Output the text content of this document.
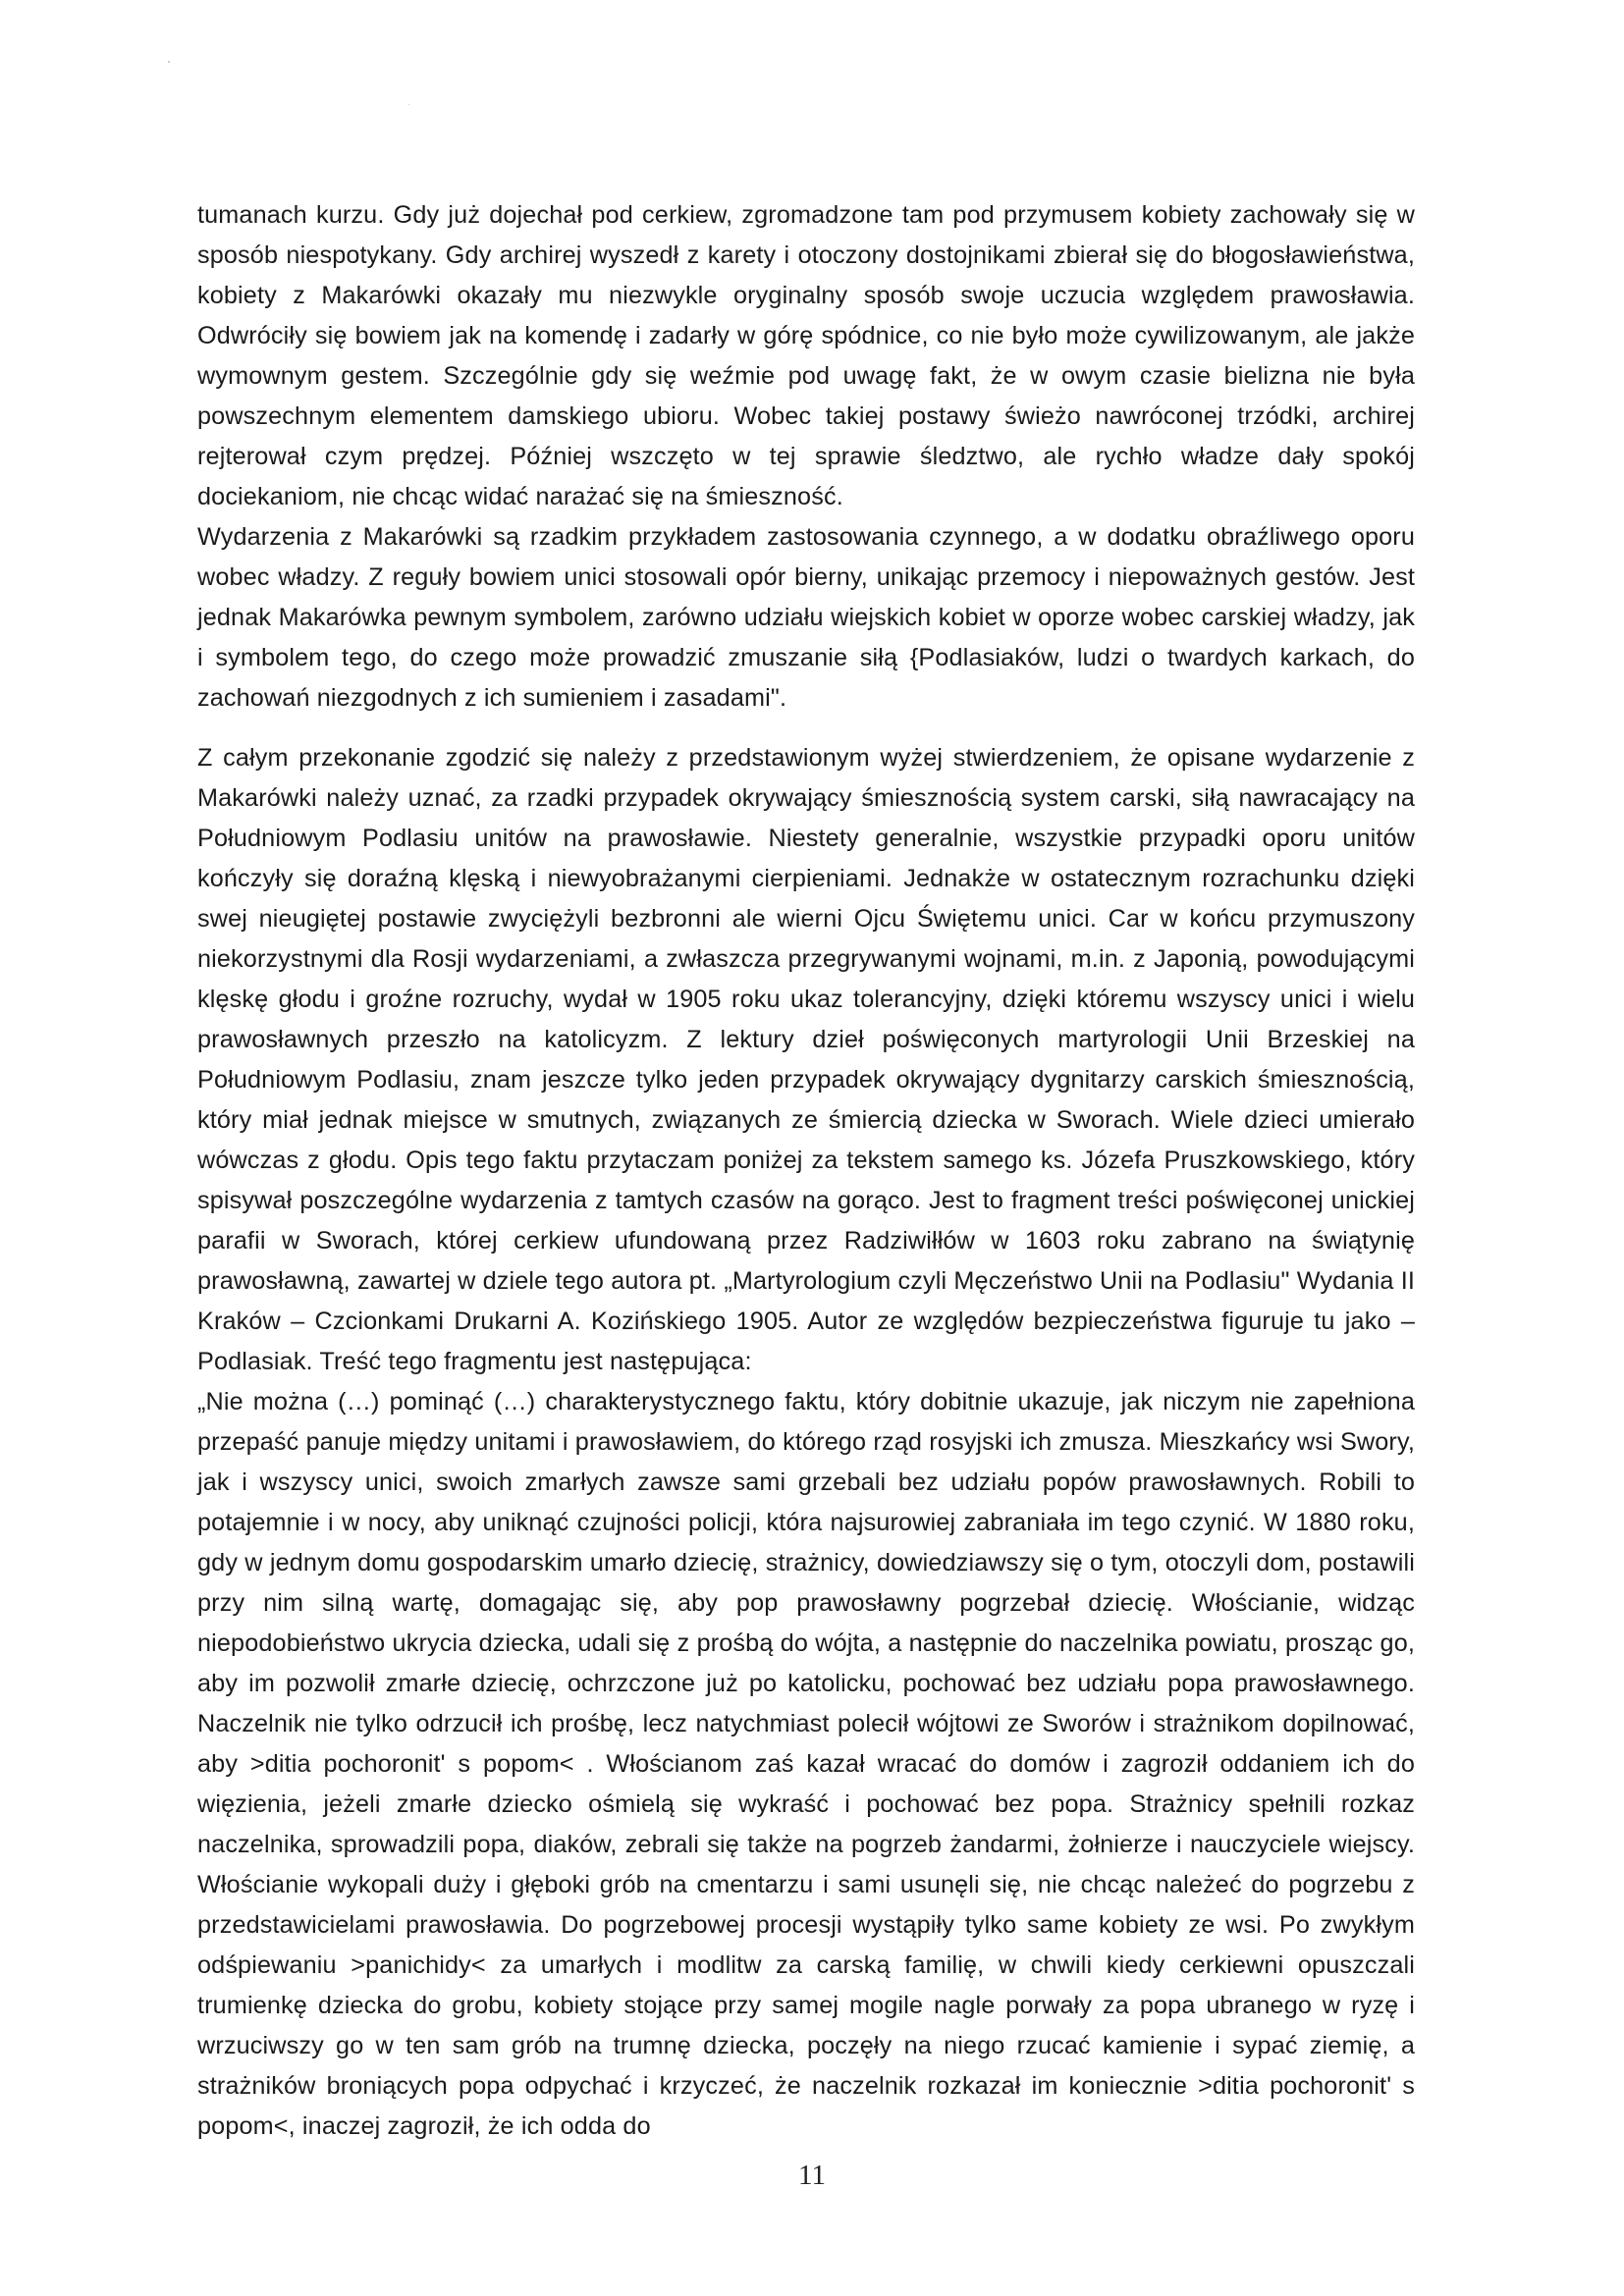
tumanach kurzu. Gdy już dojechał pod cerkiew, zgromadzone tam pod przymusem kobiety zachowały się w sposób niespotykany. Gdy archirej wyszedł z karety i otoczony dostojnikami zbierał się do błogosławieństwa, kobiety z Makarówki okazały mu niezwykle oryginalny sposób swoje uczucia względem prawosławia. Odwróciły się bowiem jak na komendę i zadarły w górę spódnice, co nie było może cywilizowanym, ale jakże wymownym gestem. Szczególnie gdy się weźmie pod uwagę fakt, że w owym czasie bielizna nie była powszechnym elementem damskiego ubioru. Wobec takiej postawy świeżo nawróconej trzódki, archirej rejterował czym prędzej. Później wszczęto w tej sprawie śledztwo, ale rychło władze dały spokój dociekaniom, nie chcąc widać narażać się na śmieszność.

Wydarzenia z Makarówki są rzadkim przykładem zastosowania czynnego, a w dodatku obraźliwego oporu wobec władzy. Z reguły bowiem unici stosowali opór bierny, unikając przemocy i niepoważnych gestów. Jest jednak Makarówka pewnym symbolem, zarówno udziału wiejskich kobiet w oporze wobec carskiej władzy, jak i symbolem tego, do czego może prowadzić zmuszanie siłą {Podlasiaków, ludzi o twardych karkach, do zachowań niezgodnych z ich sumieniem i zasadami".

Z całym przekonanie zgodzić się należy z przedstawionym wyżej stwierdzeniem, że opisane wydarzenie z Makarówki należy uznać, za rzadki przypadek okrywający śmiesznością system carski, siłą nawracający na Południowym Podlasiu unitów na prawosławie. Niestety generalnie, wszystkie przypadki oporu unitów kończyły się doraźną klęską i niewyobrażanymi cierpieniami. Jednakże w ostatecznym rozrachunku dzięki swej nieugiętej postawie zwyciężyli bezbronni ale wierni Ojcu Świętemu unici. Car w końcu przymuszony niekorzystnymi dla Rosji wydarzeniami, a zwłaszcza przegrywanymi wojnami, m.in. z Japonią, powodującymi klęskę głodu i groźne rozruchy, wydał w 1905 roku ukaz tolerancyjny, dzięki któremu wszyscy unici i wielu prawosławnych przeszło na katolicyzm. Z lektury dzieł poświęconych martyrologii Unii Brzeskiej na Południowym Podlasiu, znam jeszcze tylko jeden przypadek okrywający dygnitarzy carskich śmiesznością, który miał jednak miejsce w smutnych, związanych ze śmiercią dziecka w Sworach. Wiele dzieci umierało wówczas z głodu. Opis tego faktu przytaczam poniżej za tekstem samego ks. Józefa Pruszkowskiego, który spisywał poszczególne wydarzenia z tamtych czasów na gorąco. Jest to fragment treści poświęconej unickiej parafii w Sworach, której cerkiew ufundowaną przez Radziwiłłów w 1603 roku zabrano na świątynię prawosławną, zawartej w dziele tego autora pt. „Martyrologium czyli Męczeństwo Unii na Podlasiu" Wydania II Kraków – Czcionkami Drukarni A. Kozińskiego 1905. Autor ze względów bezpieczeństwa figuruje tu jako – Podlasiak. Treść tego fragmentu jest następująca:

„Nie można (…) pominąć (…) charakterystycznego faktu, który dobitnie ukazuje, jak niczym nie zapełniona przepaść panuje między unitami i prawosławiem, do którego rząd rosyjski ich zmusza. Mieszkańcy wsi Swory, jak i wszyscy unici, swoich zmarłych zawsze sami grzebali bez udziału popów prawosławnych. Robili to potajemnie i w nocy, aby uniknąć czujności policji, która najsurowiej zabraniała im tego czynić. W 1880 roku, gdy w jednym domu gospodarskim umarło dziecię, strażnicy, dowiedziawszy się o tym, otoczyli dom, postawili przy nim silną wartę, domagając się, aby pop prawosławny pogrzebał dziecię. Włościanie, widząc niepodobieństwo ukrycia dziecka, udali się z prośbą do wójta, a następnie do naczelnika powiatu, prosząc go, aby im pozwolił zmarłe dziecię, ochrzczone już po katolicku, pochować bez udziału popa prawosławnego. Naczelnik nie tylko odrzucił ich prośbę, lecz natychmiast polecił wójtowi ze Sworów i strażnikom dopilnować, aby >ditia pochoronit' s popom< . Włościanom zaś kazał wracać do domów i zagroził oddaniem ich do więzienia, jeżeli zmarłe dziecko ośmielą się wykraść i pochować bez popa. Strażnicy spełnili rozkaz naczelnika, sprowadzili popa, diaków, zebrali się także na pogrzeb żandarmi, żołnierze i nauczyciele wiejscy. Włościanie wykopali duży i głęboki grób na cmentarzu i sami usunęli się, nie chcąc należeć do pogrzebu z przedstawicielami prawosławia. Do pogrzebowej procesji wystąpiły tylko same kobiety ze wsi. Po zwykłym odśpiewaniu >panichidy< za umarłych i modlitw za carską familię, w chwili kiedy cerkiewni opuszczali trumienkę dziecka do grobu, kobiety stojące przy samej mogile nagle porwały za popa ubranego w ryzę i wrzuciwszy go w ten sam grób na trumnę dziecka, poczęły na niego rzucać kamienie i sypać ziemię, a strażników broniących popa odpychać i krzyczeć, że naczelnik rozkazał im koniecznie >ditia pochoronit' s popom<, inaczej zagroził, że ich odda do

11
